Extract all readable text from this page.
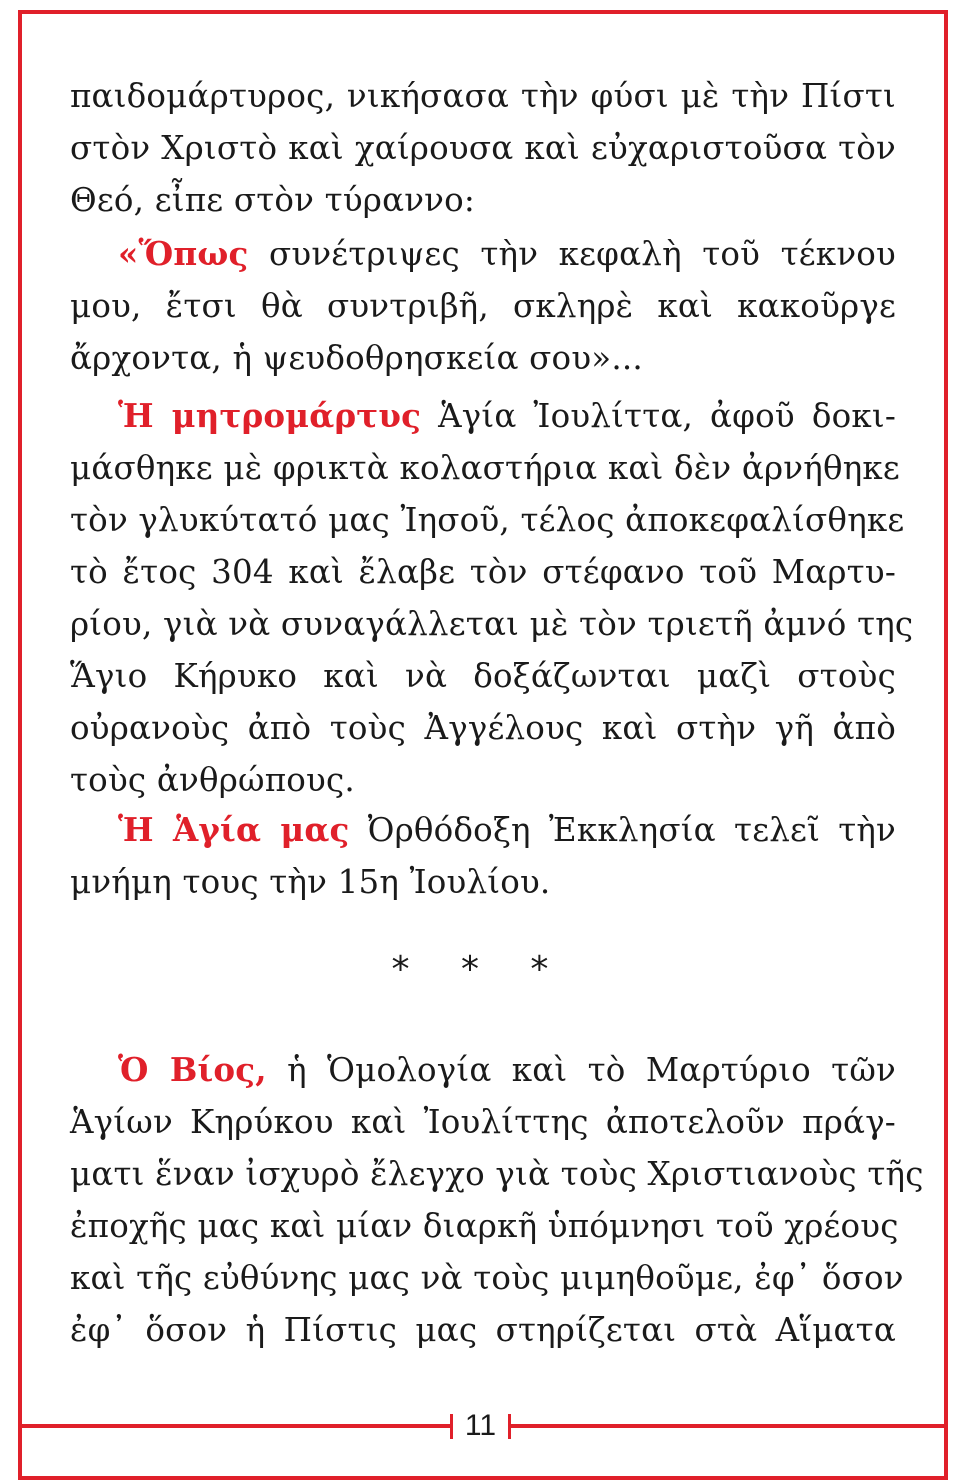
παιδομάρτυρος, νικήσασα τὴν φύσι μὲ τὴν Πίστι
στὸν Χριστὸ καὶ χαίρουσα καὶ εὐχαριστοῦσα τὸν
Θεό, εἶπε στὸν τύραννο:
«Ὅπως συνέτριψες τὴν κεφαλὴ τοῦ τέκνου
μου, ἔτσι θὰ συντριβῆ, σκληρὲ καὶ κακοῦργε
ἄρχοντα, ἡ ψευδοθρησκεία σου»...
Ἡ μητρομάρτυς Ἁγία Ἰουλίττα, ἀφοῦ δοκι-
μάσθηκε μὲ φρικτὰ κολαστήρια καὶ δὲν ἀρνήθηκε
τὸν γλυκύτατό μας Ἰησοῦ, τέλος ἀποκεφαλίσθηκε
τὸ ἔτος 304 καὶ ἔλαβε τὸν στέφανο τοῦ Μαρτυ-
ρίου, γιὰ νὰ συναγάλλεται μὲ τὸν τριετῆ ἀμνό της
Ἅγιο Κήρυκο καὶ νὰ δοξάζωνται μαζὶ στοὺς
οὐρανοὺς ἀπὸ τοὺς Ἀγγέλους καὶ στὴν γῆ ἀπὸ
τοὺς ἀνθρώπους.
Ἡ Ἁγία μας Ὀρθόδοξη Ἐκκλησία τελεῖ τὴν
μνήμη τους τὴν 15η Ἰουλίου.
* * *
Ὁ Βίος, ἡ Ὁμολογία καὶ τὸ Μαρτύριο τῶν
Ἁγίων Κηρύκου καὶ Ἰουλίττης ἀποτελοῦν πράγ-
ματι ἕναν ἰσχυρὸ ἔλεγχο γιὰ τοὺς Χριστιανοὺς τῆς
ἐποχῆς μας καὶ μίαν διαρκῆ ὑπόμνησι τοῦ χρέους
καὶ τῆς εὐθύνης μας νὰ τοὺς μιμηθοῦμε, ἐφ᾽ ὅσον
ἐφ᾽ ὅσον ἡ Πίστις μας στηρίζεται στὰ Αἵματα
11
